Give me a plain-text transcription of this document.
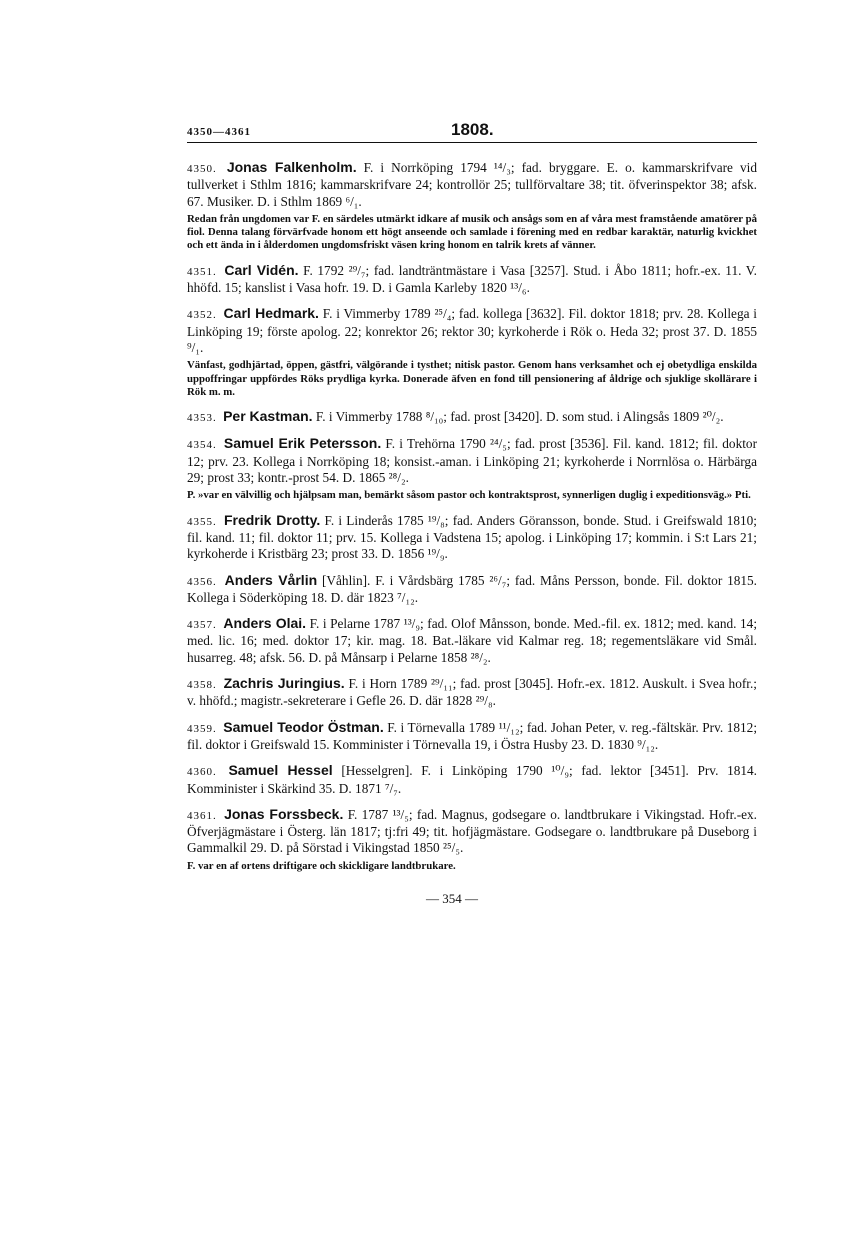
4350—4361	1808.
4350. Jonas Falkenholm. F. i Norrköping 1794 ¹⁴/₃; fad. bryggare. E. o. kammarskrifvare vid tullverket i Sthlm 1816; kammarskrifvare 24; kontrollör 25; tullförvaltare 38; tit. öfverinspektor 38; afsk. 67. Musiker. D. i Sthlm 1869 ⁶/₁.
Redan från ungdomen var F. en särdeles utmärkt idkare af musik och ansågs som en af våra mest framstående amatörer på fiol. Denna talang förvärfvade honom ett högt anseende och samlade i förening med en redbar karaktär, naturlig kvickhet och ett ända in i ålderdomen ungdomsfriskt väsen kring honom en talrik krets af vänner.
4351. Carl Vidén. F. 1792 ²⁹/₇; fad. landträntmästare i Vasa [3257]. Stud. i Åbo 1811; hofr.-ex. 11. V. hhöfd. 15; kanslist i Vasa hofr. 19. D. i Gamla Karleby 1820 ¹³/₆.
4352. Carl Hedmark. F. i Vimmerby 1789 ²⁵/₄; fad. kollega [3632]. Fil. doktor 1818; prv. 28. Kollega i Linköping 19; förste apolog. 22; konrektor 26; rektor 30; kyrkoherde i Rök o. Heda 32; prost 37. D. 1855 ⁹/₁.
Vänfast, godhjärtad, öppen, gästfri, välgörande i tysthet; nitisk pastor. Genom hans verksamhet och ej obetydliga enskilda uppoffringar uppfördes Röks prydliga kyrka. Donerade äfven en fond till pensionering af åldrige och sjuklige skollärare i Rök m. m.
4353. Per Kastman. F. i Vimmerby 1788 ⁸/₁₀; fad. prost [3420]. D. som stud. i Alingsås 1809 ²⁰/₂.
4354. Samuel Erik Petersson. F. i Trehörna 1790 ²⁴/₅; fad. prost [3536]. Fil. kand. 1812; fil. doktor 12; prv. 23. Kollega i Norrköping 18; konsist.-aman. i Linköping 21; kyrkoherde i Norrnlösa o. Härbärga 29; prost 33; kontr.-prost 54. D. 1865 ²⁸/₂.
P. »var en välvillig och hjälpsam man, bemärkt såsom pastor och kontraktsprost, synnerligen duglig i expeditionsväg.» Pti.
4355. Fredrik Drotty. F. i Linderås 1785 ¹⁹/₈; fad. Anders Göransson, bonde. Stud. i Greifswald 1810; fil. kand. 11; fil. doktor 11; prv. 15. Kollega i Vadstena 15; apolog. i Linköping 17; kommin. i S:t Lars 21; kyrkoherde i Kristbärg 23; prost 33. D. 1856 ¹⁹/₉.
4356. Anders Vårlin [Våhlin]. F. i Vårdsbärg 1785 ²⁶/₇; fad. Måns Persson, bonde. Fil. doktor 1815. Kollega i Söderköping 18. D. där 1823 ⁷/₁₂.
4357. Anders Olai. F. i Pelarne 1787 ¹³/₉; fad. Olof Månsson, bonde. Med.-fil. ex. 1812; med. kand. 14; med. lic. 16; med. doktor 17; kir. mag. 18. Bat.-läkare vid Kalmar reg. 18; regementsläkare vid Smål. husarreg. 48; afsk. 56. D. på Månsarp i Pelarne 1858 ²⁸/₂.
4358. Zachris Juringius. F. i Horn 1789 ²⁹/₁₁; fad. prost [3045]. Hofr.-ex. 1812. Auskult. i Svea hofr.; v. hhöfd.; magistr.-sekreterare i Gefle 26. D. där 1828 ²⁹/₈.
4359. Samuel Teodor Östman. F. i Törnevalla 1789 ¹¹/₁₂; fad. Johan Peter, v. reg.-fältskär. Prv. 1812; fil. doktor i Greifswald 15. Komminister i Törnevalla 19, i Östra Husby 23. D. 1830 ⁹/₁₂.
4360. Samuel Hessel [Hesselgren]. F. i Linköping 1790 ¹⁰/₉; fad. lektor [3451]. Prv. 1814. Komminister i Skärkind 35. D. 1871 ⁷/₇.
4361. Jonas Forssbeck. F. 1787 ¹³/₅; fad. Magnus, godsegare o. landtbrukare i Vikingstad. Hofr.-ex. Öfverjägmästare i Österg. län 1817; tj:fri 49; tit. hofjägmästare. Godsegare o. landtbrukare på Duseborg i Gammalkil 29. D. på Sörstad i Vikingstad 1850 ²⁵/₅.
F. var en af ortens driftigare och skickligare landtbrukare.
— 354 —
